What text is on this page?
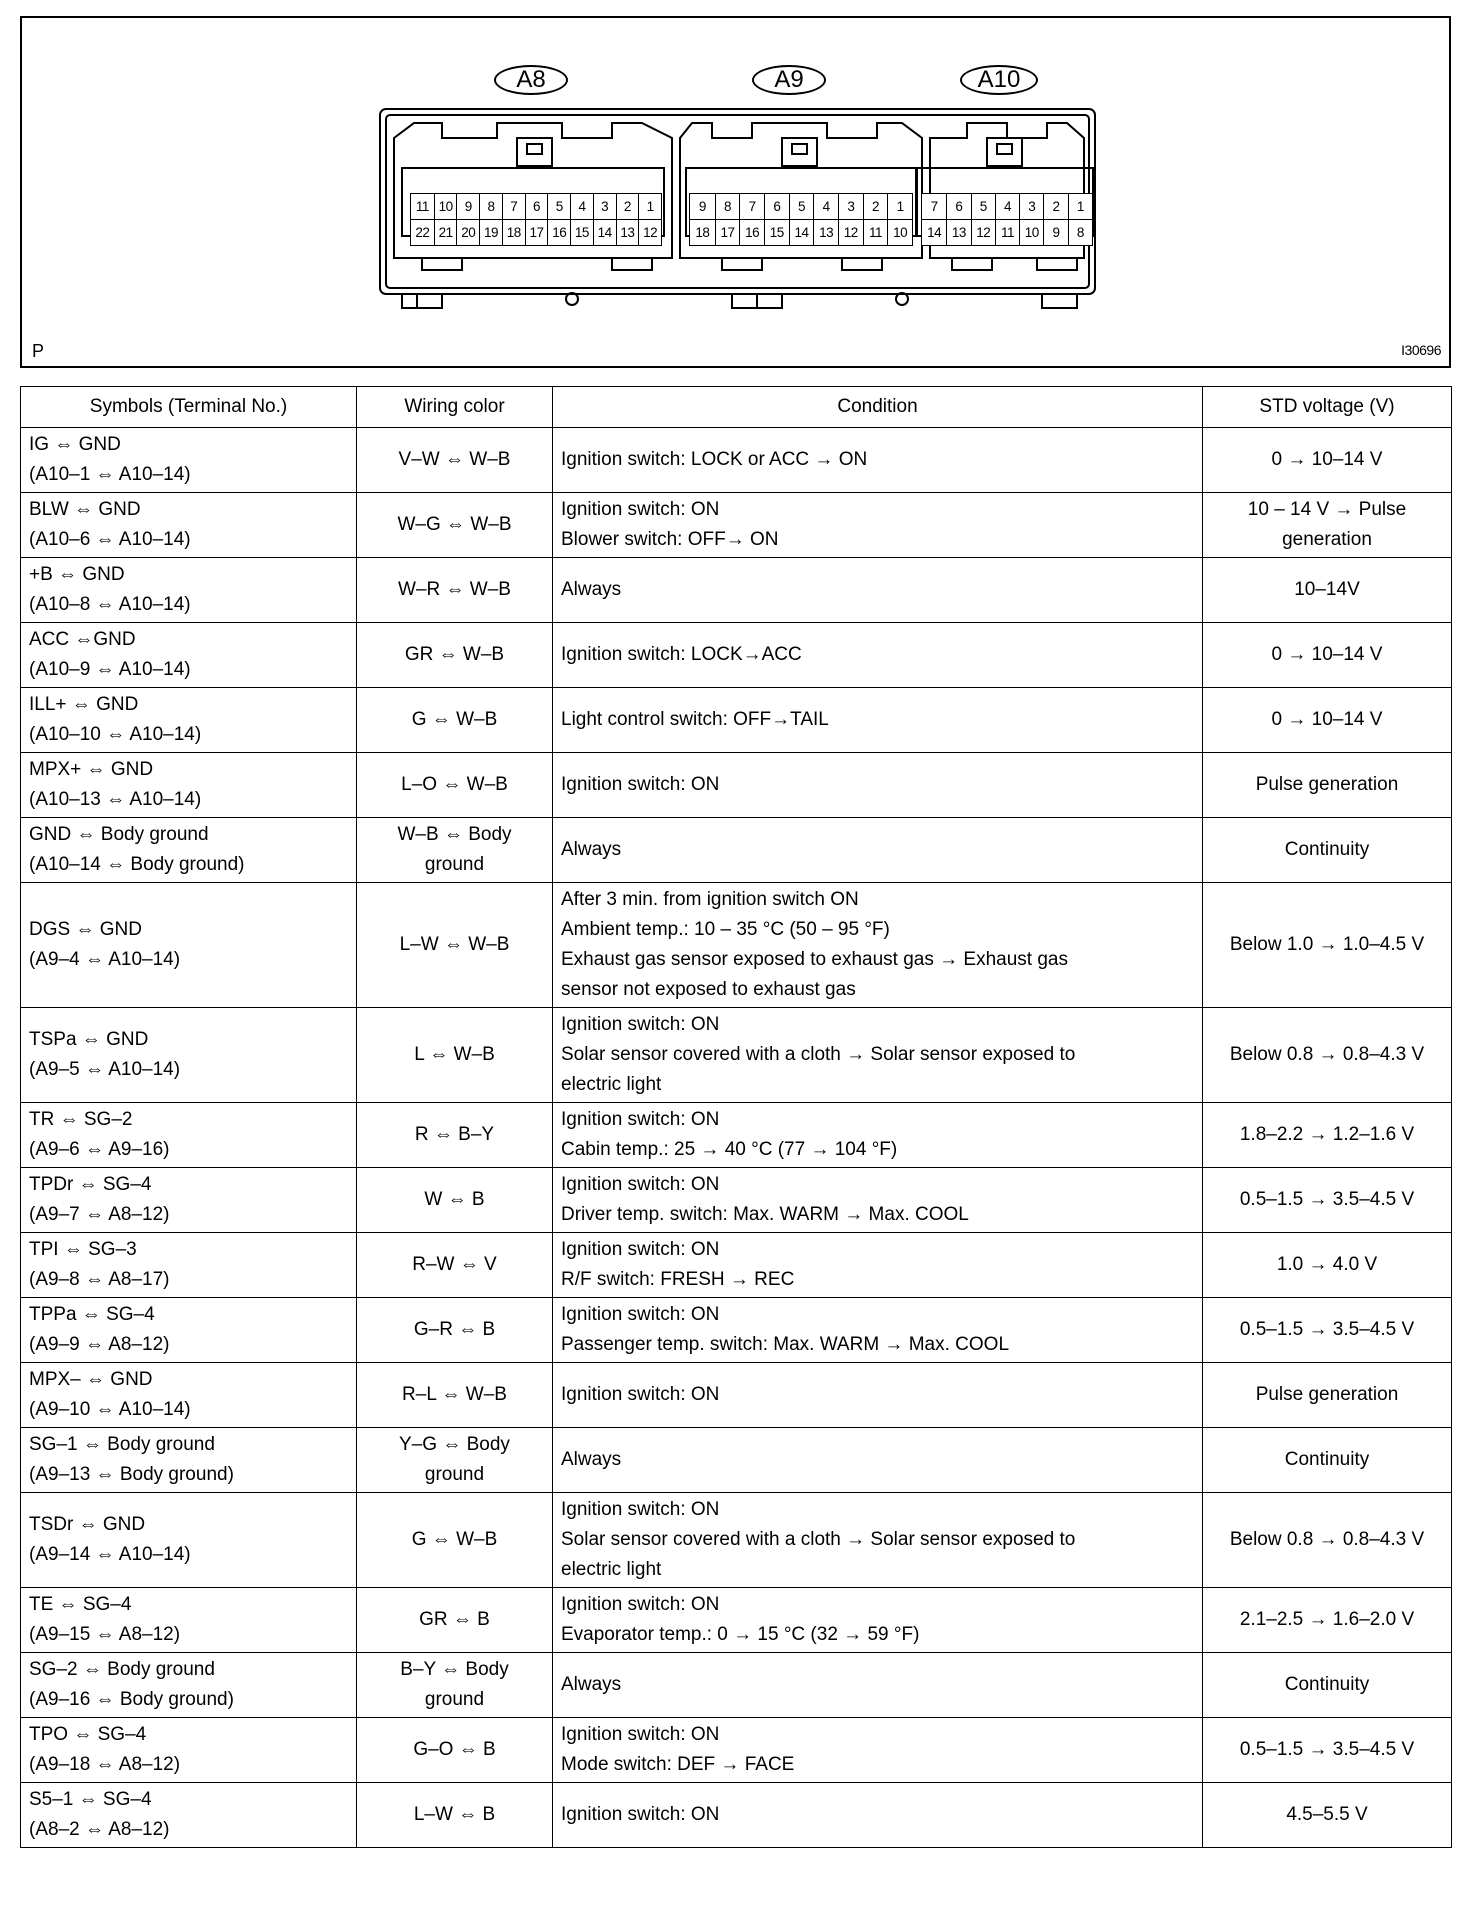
A8	A9	A10
11 10 9	8	7	6	5	4	3	2	1
22 21 20 19 18 17 16 15 14 13 12
9	8	7	6	5	4	3	2	1
18 17 16 15 14 13 12 11 10
7	6	5	4	3	2	1
14 13 12 11 10	9	8
P	I30696
Symbols (Terminal No.)	Wiring color	Condition	STD voltage (V)

IG ⇔ GND
(A10–1 ⇔ A10–14)	V–W ⇔ W–B	Ignition switch: LOCK or ACC → ON	0 → 10–14 V

BLW ⇔ GND
(A10–6 ⇔ A10–14)	W–G ⇔ W–B	Ignition switch: ON
Blower switch: OFF→ ON	10 – 14 V → Pulse
generation

+B ⇔ GND
(A10–8 ⇔ A10–14)	W–R ⇔ W–B	Always	10–14V

ACC ⇔GND
(A10–9 ⇔ A10–14)	GR ⇔ W–B	Ignition switch: LOCK→ACC	0 → 10–14 V

ILL+ ⇔ GND
(A10–10 ⇔ A10–14)	G ⇔ W–B	Light control switch: OFF→TAIL	0 → 10–14 V

MPX+ ⇔ GND
(A10–13 ⇔ A10–14)	L–O ⇔ W–B	Ignition switch: ON	Pulse generation

GND ⇔ Body ground
(A10–14 ⇔ Body ground)	W–B ⇔ Body
ground	Always	Continuity

DGS ⇔ GND
(A9–4 ⇔ A10–14)	L–W ⇔ W–B	After 3 min. from ignition switch ON
Ambient temp.: 10 – 35 °C (50 – 95 °F)
Exhaust gas sensor exposed to exhaust gas → Exhaust gas
sensor not exposed to exhaust gas	Below 1.0 → 1.0–4.5 V

TSPa ⇔ GND
(A9–5 ⇔ A10–14)	L ⇔ W–B	Ignition switch: ON
Solar sensor covered with a cloth → Solar sensor exposed to
electric light	Below 0.8 → 0.8–4.3 V

TR ⇔ SG–2
(A9–6 ⇔ A9–16)	R ⇔ B–Y	Ignition switch: ON
Cabin temp.: 25 → 40 °C (77 → 104 °F)	1.8–2.2 → 1.2–1.6 V

TPDr ⇔ SG–4
(A9–7 ⇔ A8–12)	W ⇔ B	Ignition switch: ON
Driver temp. switch: Max. WARM → Max. COOL	0.5–1.5 → 3.5–4.5 V

TPI ⇔ SG–3
(A9–8 ⇔ A8–17)	R–W ⇔ V	Ignition switch: ON
R/F switch: FRESH → REC	1.0 → 4.0 V

TPPa ⇔ SG–4
(A9–9 ⇔ A8–12)	G–R ⇔ B	Ignition switch: ON
Passenger temp. switch: Max. WARM → Max. COOL	0.5–1.5 → 3.5–4.5 V

MPX– ⇔ GND
(A9–10 ⇔ A10–14)	R–L ⇔ W–B	Ignition switch: ON	Pulse generation

SG–1 ⇔ Body ground
(A9–13 ⇔ Body ground)	Y–G ⇔ Body
ground	Always	Continuity

TSDr ⇔ GND
(A9–14 ⇔ A10–14)	G ⇔ W–B	Ignition switch: ON
Solar sensor covered with a cloth → Solar sensor exposed to
electric light	Below 0.8 → 0.8–4.3 V

TE ⇔ SG–4
(A9–15 ⇔ A8–12)	GR ⇔ B	Ignition switch: ON
Evaporator temp.: 0 → 15 °C (32 → 59 °F)	2.1–2.5 → 1.6–2.0 V

SG–2 ⇔ Body ground
(A9–16 ⇔ Body ground)	B–Y ⇔ Body
ground	Always	Continuity

TPO ⇔ SG–4
(A9–18 ⇔ A8–12)	G–O ⇔ B	Ignition switch: ON
Mode switch: DEF → FACE	0.5–1.5 → 3.5–4.5 V

S5–1 ⇔ SG–4
(A8–2 ⇔ A8–12)	L–W ⇔ B	Ignition switch: ON	4.5–5.5 V
